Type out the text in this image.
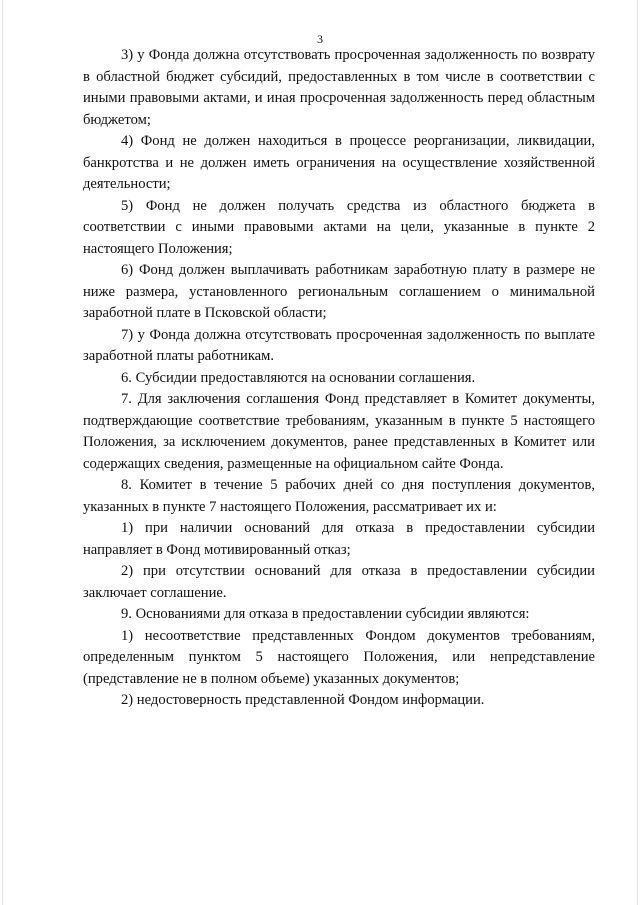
3

3) у Фонда должна отсутствовать просроченная задолженность по возврату в областной бюджет субсидий, предоставленных в том числе в соответствии с иными правовыми актами, и иная просроченная задолженность перед областным бюджетом;

4) Фонд не должен находиться в процессе реорганизации, ликвидации, банкротства и не должен иметь ограничения на осуществление хозяйственной деятельности;

5) Фонд не должен получать средства из областного бюджета в соответствии с иными правовыми актами на цели, указанные в пункте 2 настоящего Положения;

6) Фонд должен выплачивать работникам заработную плату в размере не ниже размера, установленного региональным соглашением о минимальной заработной плате в Псковской области;

7) у Фонда должна отсутствовать просроченная задолженность по выплате заработной платы работникам.

6. Субсидии предоставляются на основании соглашения.

7. Для заключения соглашения Фонд представляет в Комитет документы, подтверждающие соответствие требованиям, указанным в пункте 5 настоящего Положения, за исключением документов, ранее представленных в Комитет или содержащих сведения, размещенные на официальном сайте Фонда.

8. Комитет в течение 5 рабочих дней со дня поступления документов, указанных в пункте 7 настоящего Положения, рассматривает их и:

1) при наличии оснований для отказа в предоставлении субсидии направляет в Фонд мотивированный отказ;

2) при отсутствии оснований для отказа в предоставлении субсидии заключает соглашение.

9. Основаниями для отказа в предоставлении субсидии являются:

1) несоответствие представленных Фондом документов требованиям, определенным пунктом 5 настоящего Положения, или непредставление (представление не в полном объеме) указанных документов;

2) недостоверность представленной Фондом информации.
